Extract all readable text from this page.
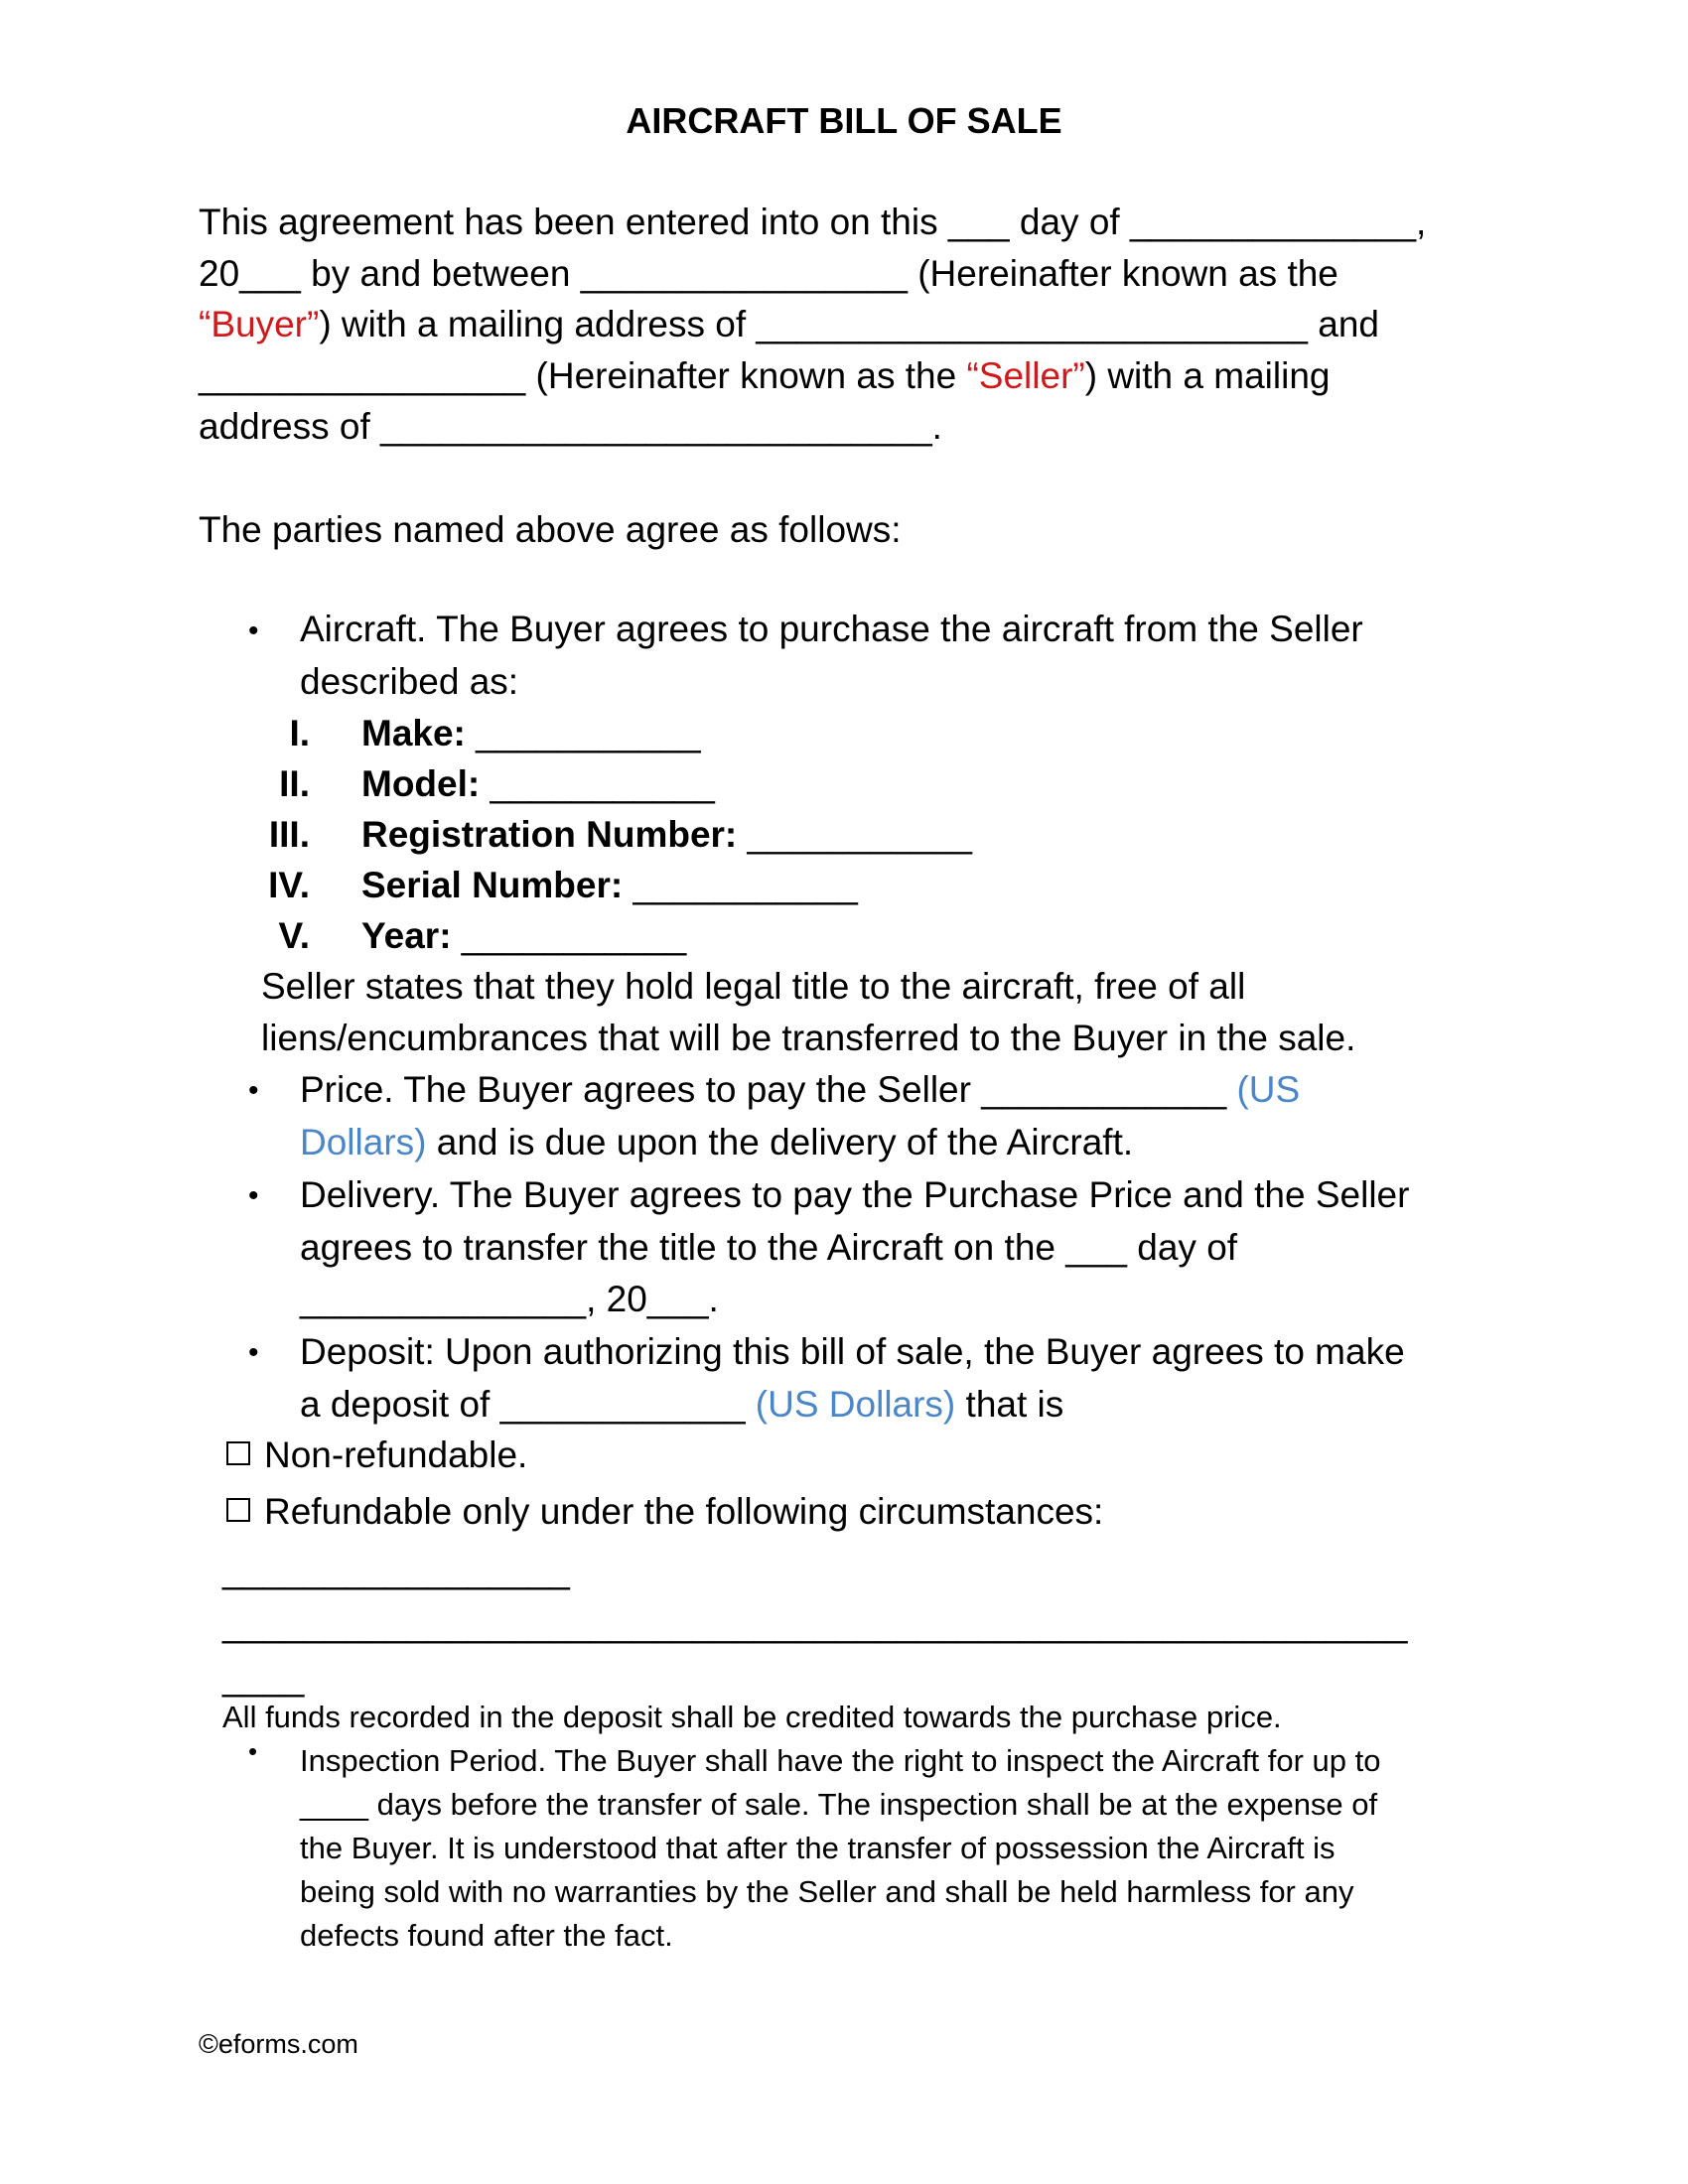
AIRCRAFT BILL OF SALE
This agreement has been entered into on this ___ day of ______________,
20___ by and between ________________ (Hereinafter known as the
“Buyer”) with a mailing address of ___________________________ and
________________ (Hereinafter known as the “Seller”) with a mailing
address of ___________________________.
The parties named above agree as follows:
• Aircraft. The Buyer agrees to purchase the aircraft from the Seller
described as:
I. Make: ___________
II. Model: ___________
III. Registration Number: ___________
IV. Serial Number: ___________
V. Year: ___________
Seller states that they hold legal title to the aircraft, free of all
liens/encumbrances that will be transferred to the Buyer in the sale.
• Price. The Buyer agrees to pay the Seller ____________ (US
Dollars) and is due upon the delivery of the Aircraft.
• Delivery. The Buyer agrees to pay the Purchase Price and the Seller
agrees to transfer the title to the Aircraft on the ___ day of
______________, 20___.
• Deposit: Upon authorizing this bill of sale, the Buyer agrees to make
a deposit of ____________ (US Dollars) that is
Non-refundable.
Refundable only under the following circumstances:
_________________
__________________________________________________________
____
All funds recorded in the deposit shall be credited towards the purchase price.
• Inspection Period. The Buyer shall have the right to inspect the Aircraft for up to
____ days before the transfer of sale. The inspection shall be at the expense of
the Buyer. It is understood that after the transfer of possession the Aircraft is
being sold with no warranties by the Seller and shall be held harmless for any
defects found after the fact.
©eforms.com
